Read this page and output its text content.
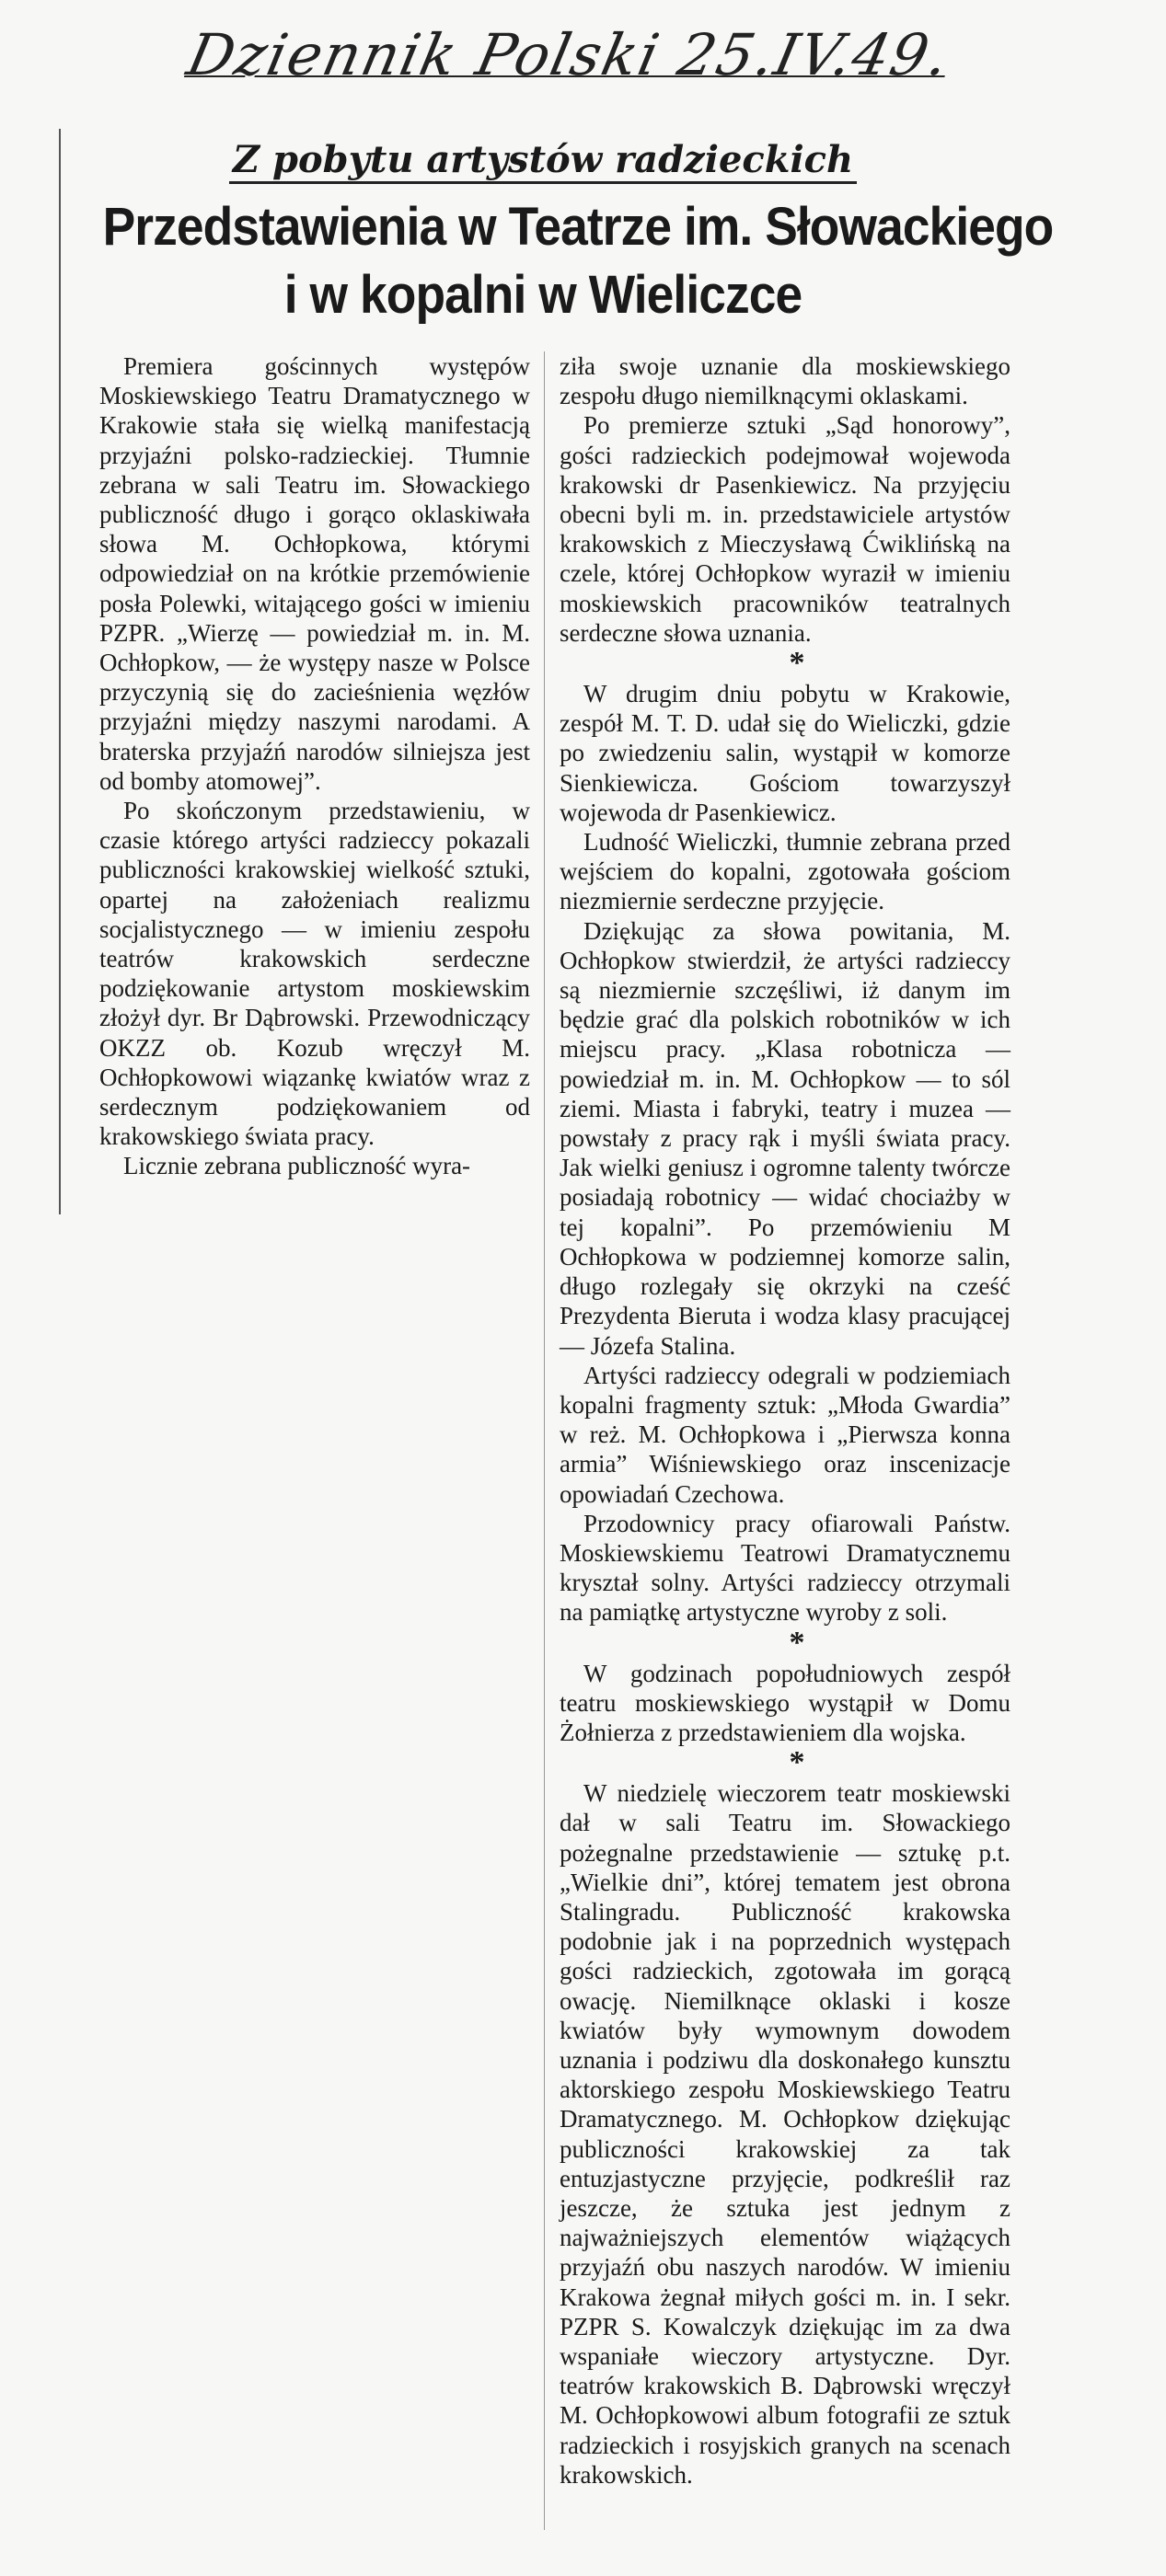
Dziennik Polski 25.IV.49.
Z pobytu artystów radzieckich
Przedstawienia w Teatrze im. Słowackiego
i w kopalni w Wieliczce

Premiera gościnnych występów Moskiewskiego Teatru Dramatycznego w Krakowie stała się wielką manifestacją przyjaźni polsko-radzieckiej. Tłumnie zebrana w sali Teatru im. Słowackiego publiczność długo i gorąco oklaskiwała słowa M. Ochłopkowa, którymi odpowiedział on na krótkie przemówienie posła Polewki, witającego gości w imieniu PZPR. „Wierzę — powiedział m. in. M. Ochłopkow, — że występy nasze w Polsce przyczynią się do zacieśnienia węzłów przyjaźni między naszymi narodami. A braterska przyjaźń narodów silniejsza jest od bomby atomowej”.

Po skończonym przedstawieniu, w czasie którego artyści radzieccy pokazali publiczności krakowskiej wielkość sztuki, opartej na założeniach realizmu socjalistycznego — w imieniu zespołu teatrów krakowskich serdeczne podziękowanie artystom moskiewskim złożył dyr. Br Dąbrowski. Przewodniczący OKZZ ob. Kozub wręczył M. Ochłopkowowi wiązankę kwiatów wraz z serdecznym podziękowaniem od krakowskiego świata pracy.

Licznie zebrana publiczność wyra-

ziła swoje uznanie dla moskiewskiego zespołu długo niemilknącymi oklaskami.

Po premierze sztuki „Sąd honorowy”, gości radzieckich podejmował wojewoda krakowski dr Pasenkiewicz. Na przyjęciu obecni byli m. in. przedstawiciele artystów krakowskich z Mieczysławą Ćwiklińską na czele, której Ochłopkow wyraził w imieniu moskiewskich pracowników teatralnych serdeczne słowa uznania.

*

W drugim dniu pobytu w Krakowie, zespół M. T. D. udał się do Wieliczki, gdzie po zwiedzeniu salin, wystąpił w komorze Sienkiewicza. Gościom towarzyszył wojewoda dr Pasenkiewicz.

Ludność Wieliczki, tłumnie zebrana przed wejściem do kopalni, zgotowała gościom niezmiernie serdeczne przyjęcie.

Dziękując za słowa powitania, M. Ochłopkow stwierdził, że artyści radzieccy są niezmiernie szczęśliwi, iż danym im będzie grać dla polskich robotników w ich miejscu pracy. „Klasa robotnicza — powiedział m. in. M. Ochłopkow — to sól ziemi. Miasta i fabryki, teatry i muzea — powstały z pracy rąk i myśli świata pracy. Jak wielki geniusz i ogromne talenty twórcze posiadają robotnicy — widać chociażby w tej kopalni”. Po przemówieniu M Ochłopkowa w podziemnej komorze salin, długo rozlegały się okrzyki na cześć Prezydenta Bieruta i wodza klasy pracującej — Józefa Stalina.

Artyści radzieccy odegrali w podziemiach kopalni fragmenty sztuk: „Młoda Gwardia” w reż. M. Ochłopkowa i „Pierwsza konna armia” Wiśniewskiego oraz inscenizacje opowiadań Czechowa.

Przodownicy pracy ofiarowali Państw. Moskiewskiemu Teatrowi Dramatycznemu kryształ solny. Artyści radzieccy otrzymali na pamiątkę artystyczne wyroby z soli.

*

W godzinach popołudniowych zespół teatru moskiewskiego wystąpił w Domu Żołnierza z przedstawieniem dla wojska.

*

W niedzielę wieczorem teatr moskiewski dał w sali Teatru im. Słowackiego pożegnalne przedstawienie — sztukę p.t. „Wielkie dni”, której tematem jest obrona Stalingradu. Publiczność krakowska podobnie jak i na poprzednich występach gości radzieckich, zgotowała im gorącą owację. Niemilknące oklaski i kosze kwiatów były wymownym dowodem uznania i podziwu dla doskonałego kunsztu aktorskiego zespołu Moskiewskiego Teatru Dramatycznego. M. Ochłopkow dziękując publiczności krakowskiej za tak entuzjastyczne przyjęcie, podkreślił raz jeszcze, że sztuka jest jednym z najważniejszych elementów wiążących przyjaźń obu naszych narodów. W imieniu Krakowa żegnał miłych gości m. in. I sekr. PZPR S. Kowalczyk dziękując im za dwa wspaniałe wieczory artystyczne. Dyr. teatrów krakowskich B. Dąbrowski wręczył M. Ochłopkowowi album fotografii ze sztuk radzieckich i rosyjskich granych na scenach krakowskich.
